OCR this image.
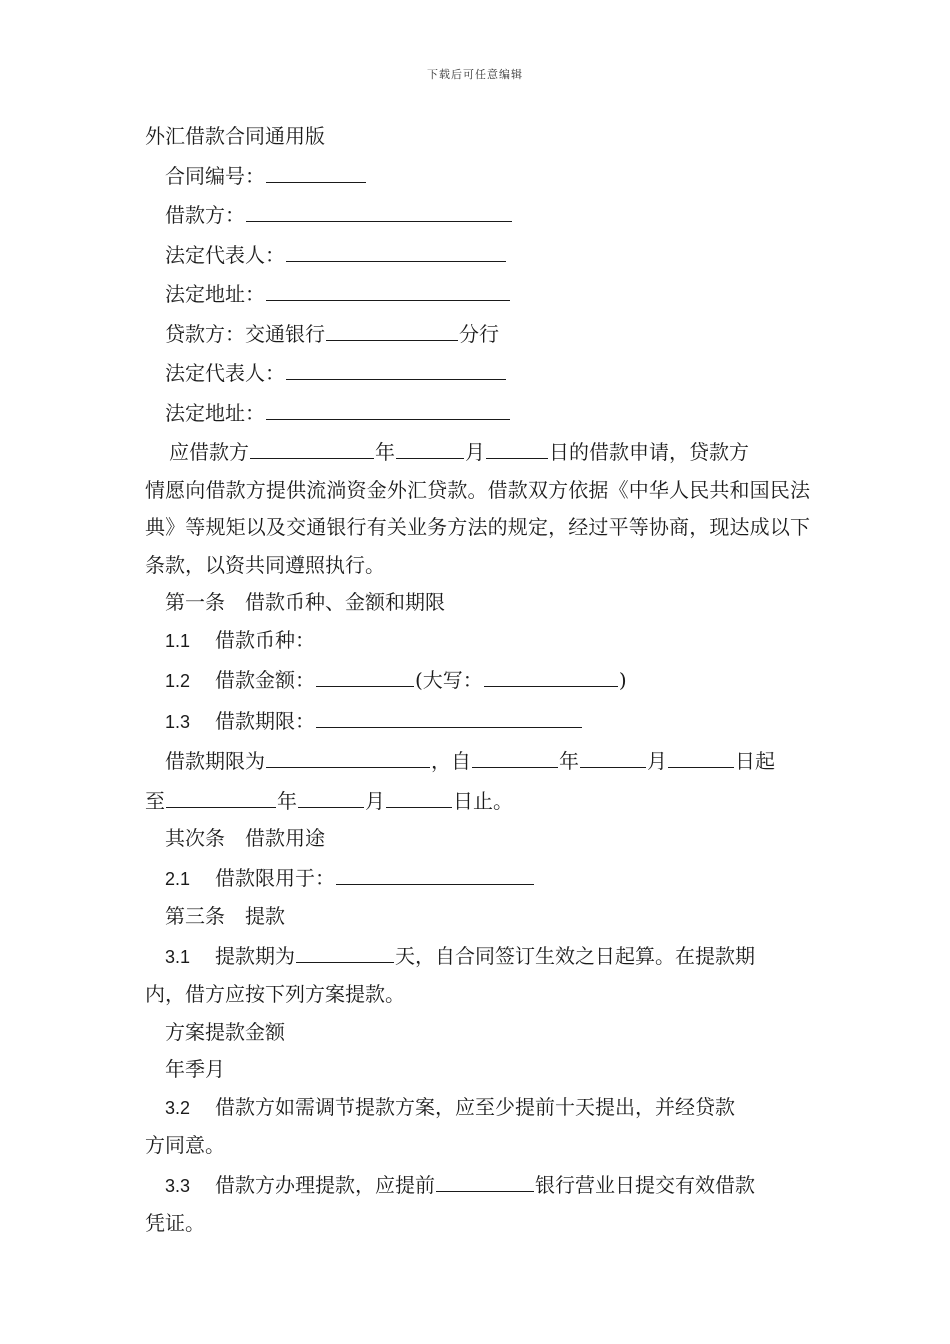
下载后可任意编辑
外汇借款合同通用版
合同编号：
借款方：
法定代表人：
法定地址：
贷款方：交通银行	分行
法定代表人：
法定地址：
应借款方	年	月	日的借款申请，贷款方
情愿向借款方提供流淌资金外汇贷款。借款双方依据《中华人民共和国民法典》等规矩以及交通银行有关业务方法的规定，经过平等协商，现达成以下条款，以资共同遵照执行。
第一条 借款币种、金额和期限
1.1 借款币种：
1.2 借款金额：	(大写：	)
1.3 借款期限：
借款期限为	，自	年	月	日起
至	年	月	日止。
其次条 借款用途
2.1 借款限用于：
第三条 提款
3.1 提款期为	天，自合同签订生效之日起算。在提款期
内，借方应按下列方案提款。
方案提款金额
年季月
3.2 借款方如需调节提款方案，应至少提前十天提出，并经贷款
方同意。
3.3 借款方办理提款，应提前	银行营业日提交有效借款
凭证。
